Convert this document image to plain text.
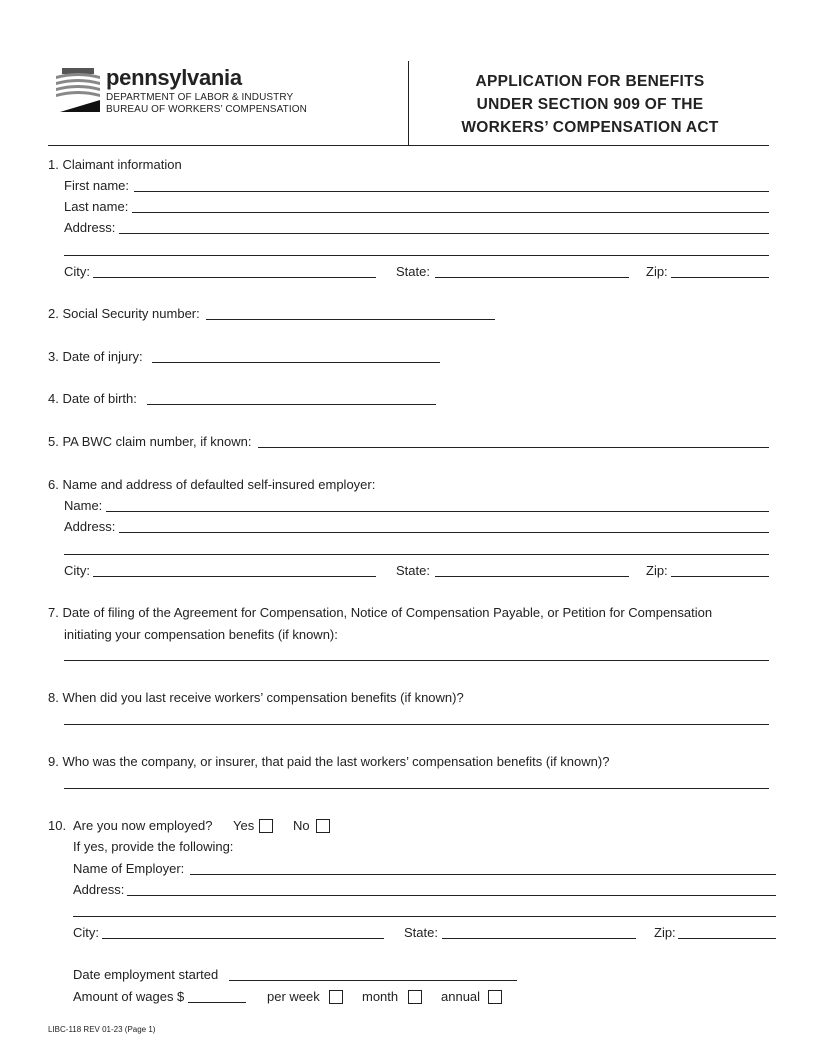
pennsylvania
DEPARTMENT OF LABOR & INDUSTRY
BUREAU OF WORKERS’ COMPENSATION
APPLICATION FOR BENEFITS
UNDER SECTION 909 OF THE
WORKERS’ COMPENSATION ACT
1. Claimant information
First name:
Last name:
Address:
City:	State:	Zip:
2. Social Security number:
3. Date of injury:
4. Date of birth:
5. PA BWC claim number, if known:
6. Name and address of defaulted self-insured employer:
Name:
Address:
City:	State:	Zip:
7. Date of filing of the Agreement for Compensation, Notice of Compensation Payable, or Petition for Compensation
initiating your compensation benefits (if known):
8. When did you last receive workers’ compensation benefits (if known)?
9. Who was the company, or insurer, that paid the last workers’ compensation benefits (if known)?
10. Are you now employed? Yes	No
If yes, provide the following:
Name of Employer:
Address:
City:	State:	Zip:
Date employment started
Amount of wages $	per week	month	annual
LIBC-118 REV 01-23 (Page 1)
